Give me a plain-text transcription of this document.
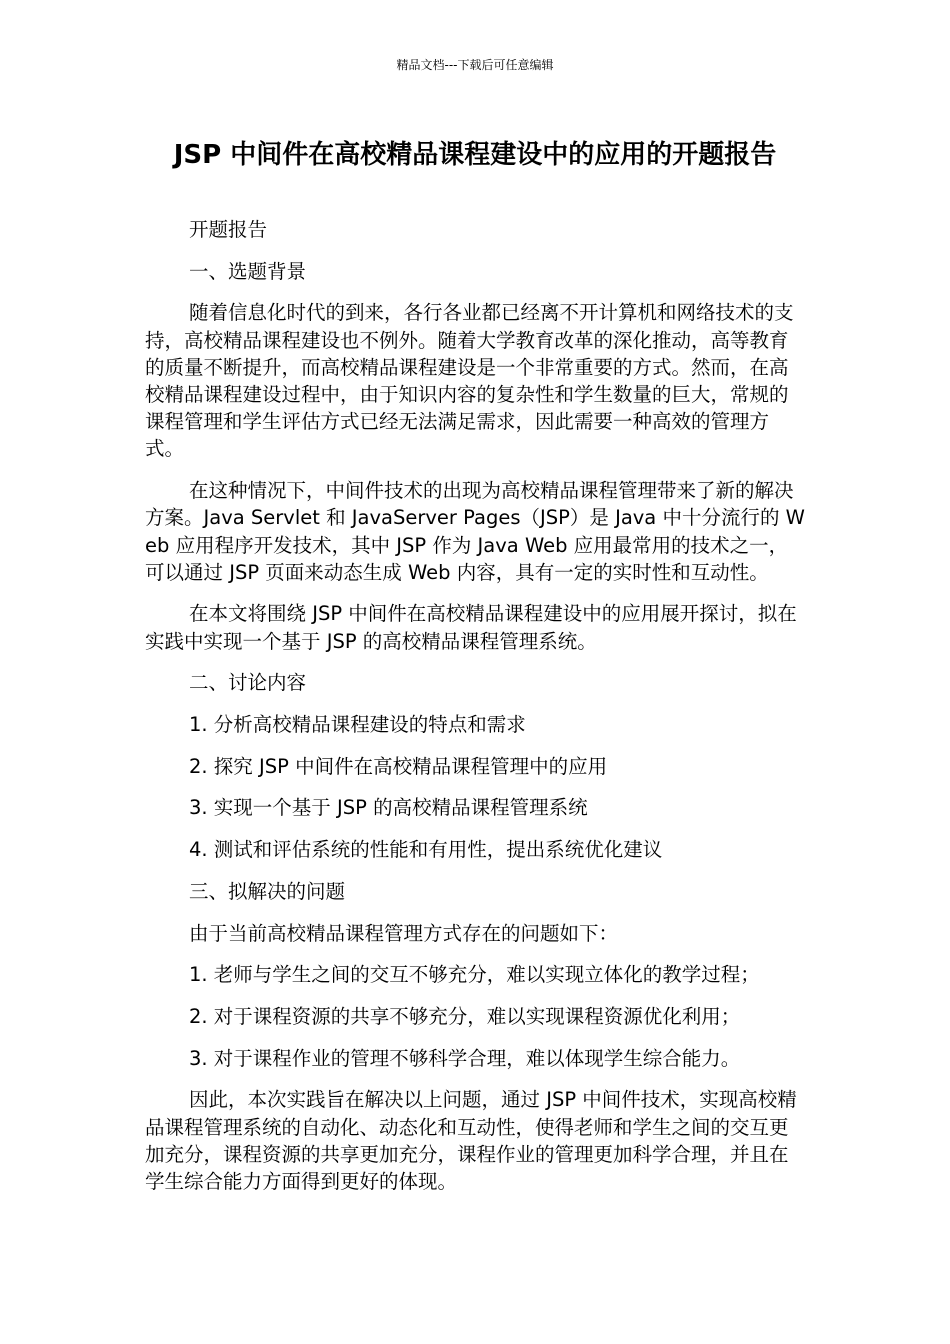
精品文档---下载后可任意编辑
JSP 中间件在高校精品课程建设中的应用的开题报告

开题报告

一、选题背景

随着信息化时代的到来，各行各业都已经离不开计算机和网络技术的支持，高校精品课程建设也不例外。随着大学教育改革的深化推动，高等教育的质量不断提升，而高校精品课程建设是一个非常重要的方式。然而，在高校精品课程建设过程中，由于知识内容的复杂性和学生数量的巨大，常规的课程管理和学生评估方式已经无法满足需求，因此需要一种高效的管理方式。

在这种情况下，中间件技术的出现为高校精品课程管理带来了新的解决方案。Java Servlet 和 JavaServer Pages（JSP）是 Java 中十分流行的 Web 应用程序开发技术，其中 JSP 作为 Java Web 应用最常用的技术之一，可以通过 JSP 页面来动态生成 Web 内容，具有一定的实时性和互动性。

在本文将围绕 JSP 中间件在高校精品课程建设中的应用展开探讨，拟在实践中实现一个基于 JSP 的高校精品课程管理系统。

二、讨论内容

1. 分析高校精品课程建设的特点和需求

2. 探究 JSP 中间件在高校精品课程管理中的应用

3. 实现一个基于 JSP 的高校精品课程管理系统

4. 测试和评估系统的性能和有用性，提出系统优化建议

三、拟解决的问题

由于当前高校精品课程管理方式存在的问题如下：

1. 老师与学生之间的交互不够充分，难以实现立体化的教学过程；

2. 对于课程资源的共享不够充分，难以实现课程资源优化利用；

3. 对于课程作业的管理不够科学合理，难以体现学生综合能力。

因此，本次实践旨在解决以上问题，通过 JSP 中间件技术，实现高校精品课程管理系统的自动化、动态化和互动性，使得老师和学生之间的交互更加充分，课程资源的共享更加充分，课程作业的管理更加科学合理，并且在学生综合能力方面得到更好的体现。
